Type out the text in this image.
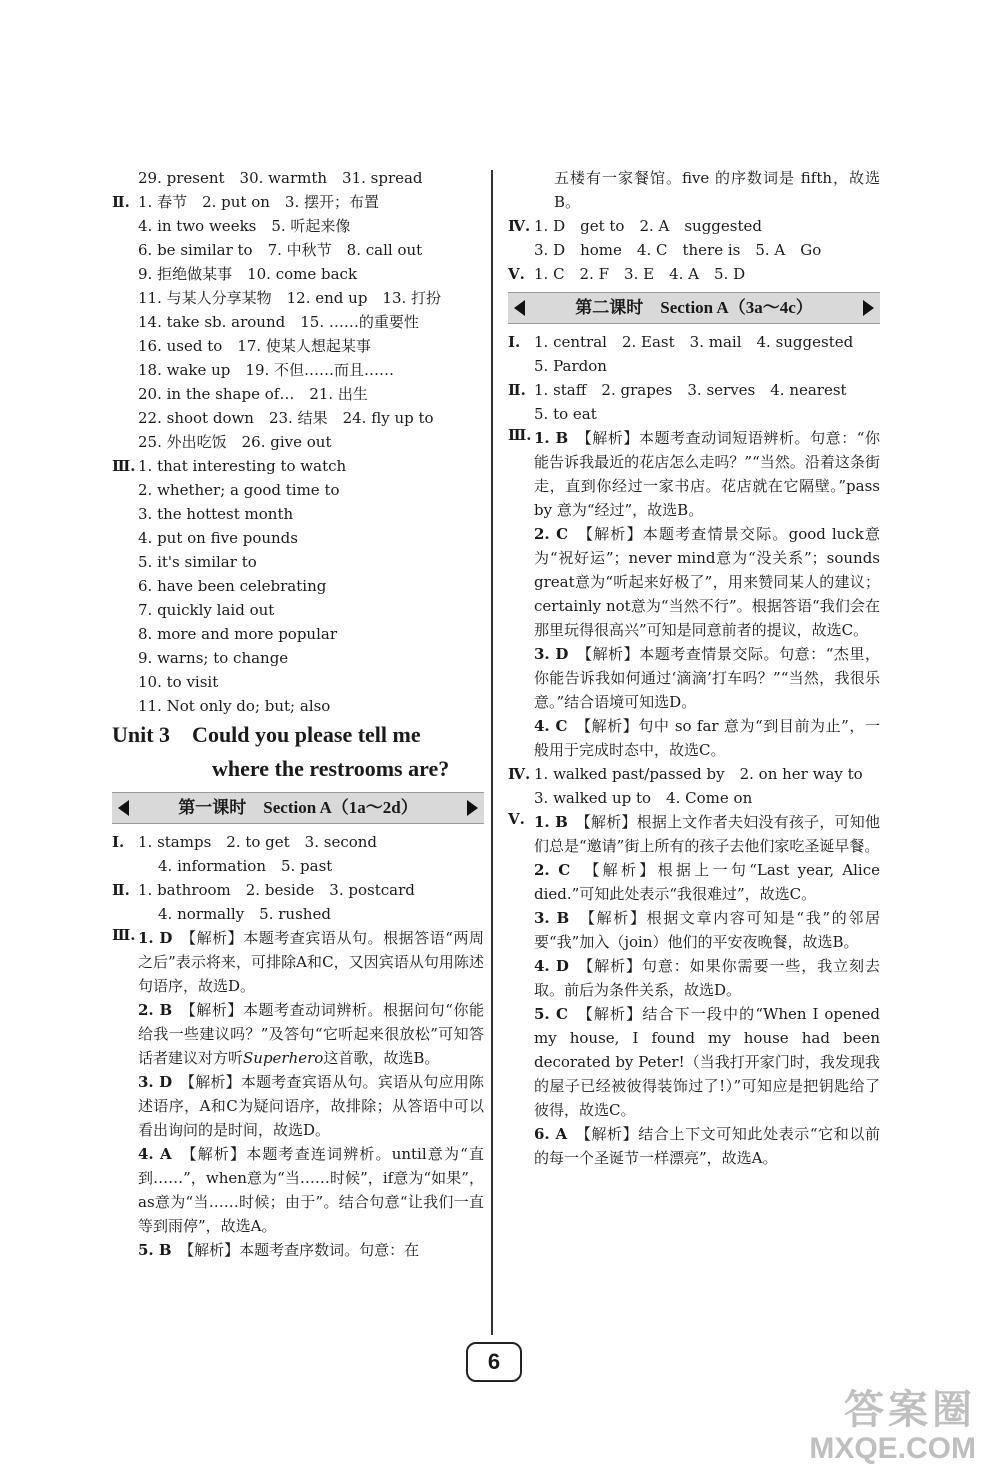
29. present　30. warmth　31. spread
Ⅱ. 1. 春节　2. put on　3. 摆开；布置
4. in two weeks　5. 听起来像
6. be similar to　7. 中秋节　8. call out
9. 拒绝做某事　10. come back
11. 与某人分享某物　12. end up　13. 打扮
14. take sb. around　15. ……的重要性
16. used to　17. 使某人想起某事
18. wake up　19. 不但……而且……
20. in the shape of…　21. 出生
22. shoot down　23. 结果　24. fly up to
25. 外出吃饭　26. give out
Ⅲ. 1. that interesting to watch
2. whether; a good time to
3. the hottest month
4. put on five pounds
5. it's similar to
6. have been celebrating
7. quickly laid out
8. more and more popular
9. warns; to change
10. to visit
11. Not only do; but; also
Unit 3　Could you please tell me
where the restrooms are?
第一课时　Section A（1a～2d）
Ⅰ. 1. stamps　2. to get　3. second
4. information　5. past
Ⅱ. 1. bathroom　2. beside　3. postcard
4. normally　5. rushed
Ⅲ. 1. D　 【解析】本题考查宾语从句。根据答语“两周之后”表示将来，可排除A和C，又因宾语从句用陈述句语序，故选D。
2. B　 【解析】本题考查动词辨析。根据问句“你能给我一些建议吗？”及答句“它听起来很放松”可知答话者建议对方听Superhero这首歌，故选B。
3. D　 【解析】本题考查宾语从句。宾语从句应用陈述语序，A和C为疑问语序，故排除；从答语中可以看出询问的是时间，故选D。
4. A　 【解析】本题考查连词辨析。until意为“直到……”，when意为“当……时候”，if意为“如果”，as意为“当……时候；由于”。结合句意“让我们一直等到雨停”，故选A。
5. B　 【解析】本题考查序数词。句意：在
五楼有一家餐馆。five 的序数词是 fifth，故选B。
Ⅳ. 1. D　get to　2. A　suggested
3. D　home　4. C　there is　5. A　Go
Ⅴ. 1. C　2. F　3. E　4. A　5. D
第二课时　Section A（3a～4c）
Ⅰ. 1. central　2. East　3. mail　4. suggested
5. Pardon
Ⅱ. 1. staff　2. grapes　3. serves　4. nearest
5. to eat
Ⅲ. 1. B　 【解析】本题考查动词短语辨析。句意：“你能告诉我最近的花店怎么走吗？”“当然。沿着这条街走，直到你经过一家书店。花店就在它隔壁。”pass by 意为“经过”，故选B。
2. C　 【解析】本题考查情景交际。good luck意为“祝好运”；never mind意为“没关系”；sounds great意为“听起来好极了”，用来赞同某人的建议；certainly not意为“当然不行”。根据答语“我们会在那里玩得很高兴”可知是同意前者的提议，故选C。
3. D　 【解析】本题考查情景交际。句意：“杰里，你能告诉我如何通过‘滴滴’打车吗？”“当然，我很乐意。”结合语境可知选D。
4. C　 【解析】句中 so far 意为“到目前为止”，一般用于完成时态中，故选C。
Ⅳ. 1. walked past/passed by　2. on her way to
3. walked up to　4. Come on
Ⅴ. 1. B　 【解析】根据上文作者夫妇没有孩子，可知他们总是“邀请”街上所有的孩子去他们家吃圣诞早餐。
2. C　 【解析】根据上一句“Last year, Alice died.”可知此处表示“我很难过”，故选C。
3. B　 【解析】根据文章内容可知是“我”的邻居要“我”加入（join）他们的平安夜晚餐，故选B。
4. D　 【解析】句意：如果你需要一些，我立刻去取。前后为条件关系，故选D。
5. C　 【解析】结合下一段中的“When I opened my house, I found my house had been decorated by Peter!（当我打开家门时，我发现我的屋子已经被彼得装饰过了!）”可知应是把钥匙给了彼得，故选C。
6. A　 【解析】结合上下文可知此处表示“它和以前的每一个圣诞节一样漂亮”，故选A。
6
答案圈
MXQE.COM
